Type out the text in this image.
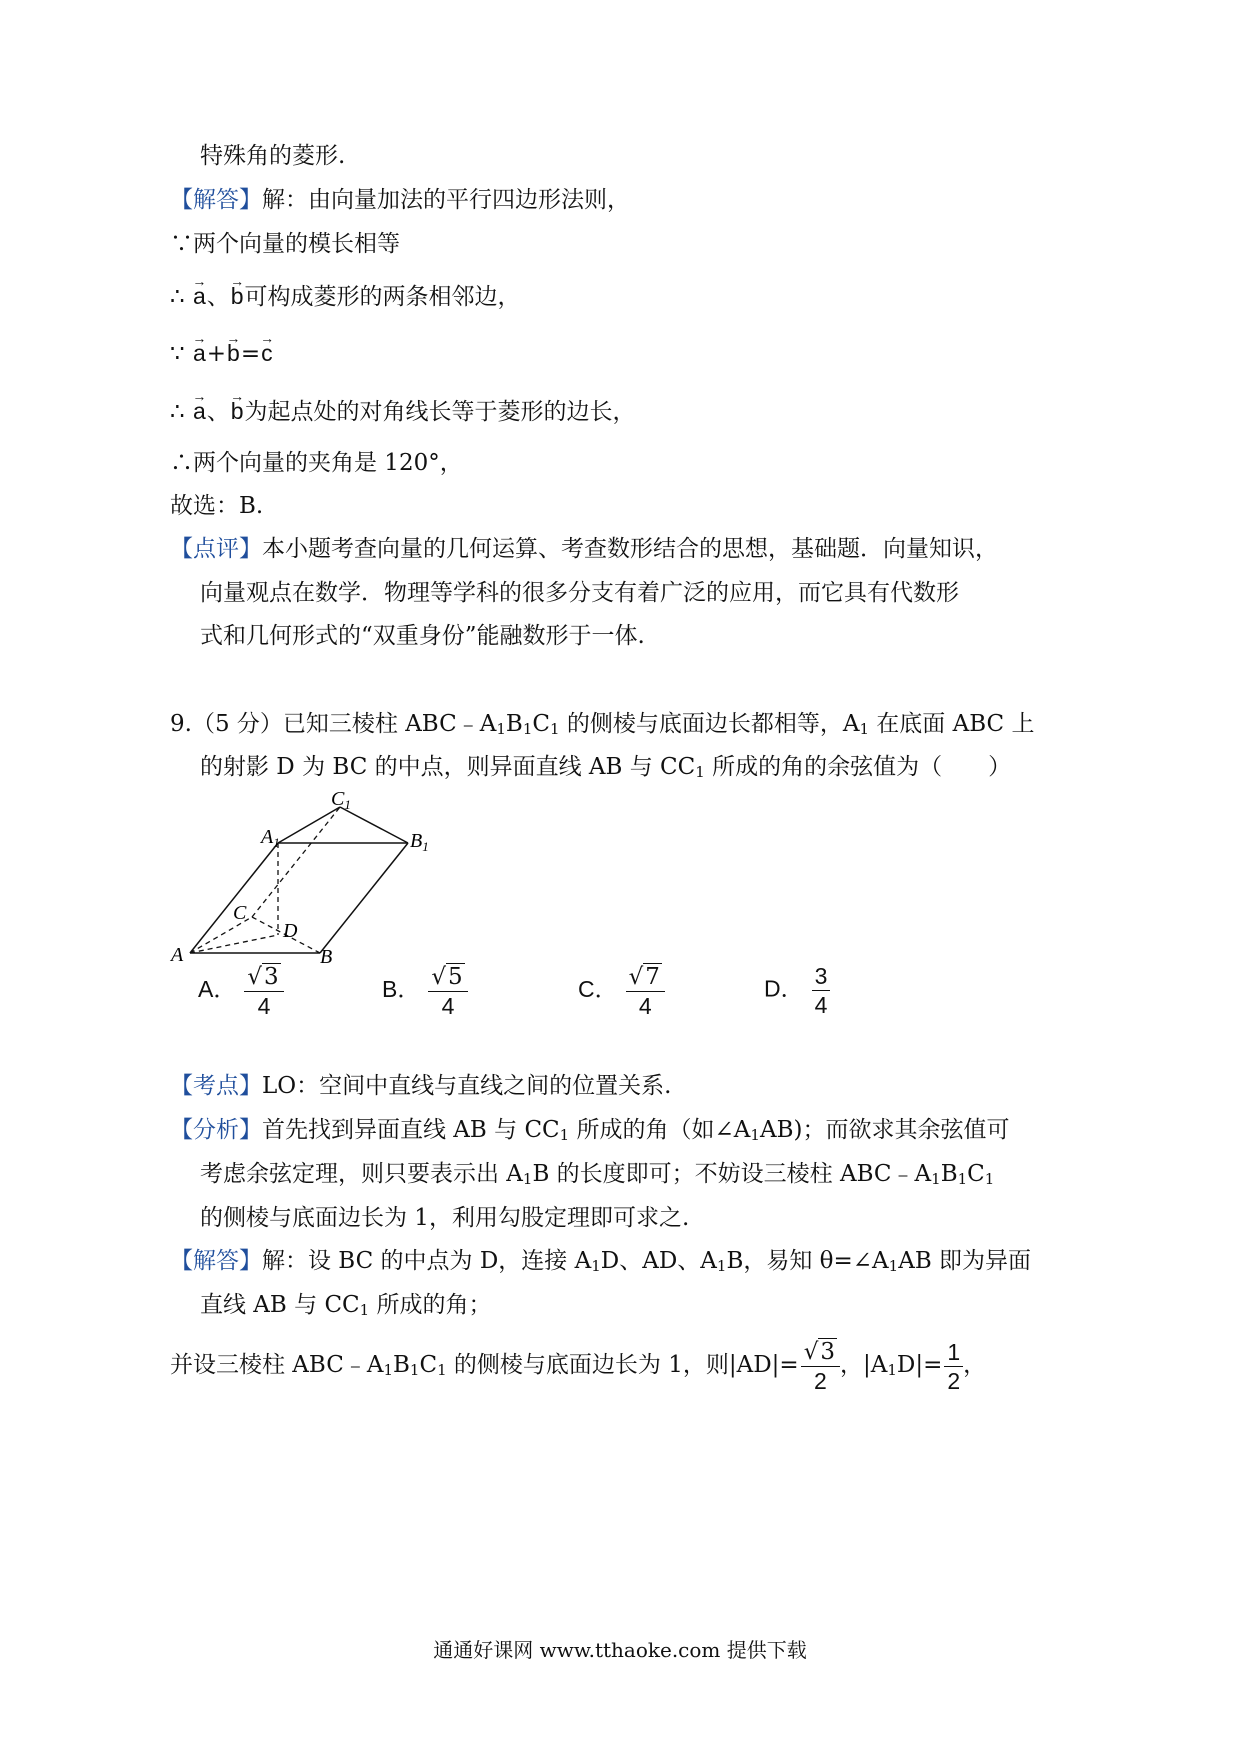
特殊角的菱形.
【解答】解：由向量加法的平行四边形法则，
∵两个向量的模长相等
∴ → a、→ b可构成菱形的两条相邻边，
∵ → a+→ b=→ c
∴ → a、→ b为起点处的对角线长等于菱形的边长，
∴两个向量的夹角是 120°，
故选：B.
【点评】本小题考查向量的几何运算、考查数形结合的思想，基础题．向量知识，
向量观点在数学．物理等学科的很多分支有着广泛的应用，而它具有代数形
式和几何形式的“双重身份”能融数形于一体.
9.（5 分）已知三棱柱 $ABC﹣A_1B_1C_1$ 的侧棱与底面边长都相等，$A_1$ 在底面 ABC 上
的射影 D 为 BC 的中点，则异面直线 AB 与 $CC_1$ 所成的角的余弦值为（　　）
A	B
C
D
$A_1$	$B_1$
$C_1$
A． $\frac{√3}{4}$	B． $\frac{√5}{4}$	C． $\frac{√7}{4}$	D． $\frac{3}{4}$
【考点】LO：空间中直线与直线之间的位置关系.
【分析】首先找到异面直线 AB 与 $CC_1$ 所成的角（如$\angle A_1AB$)；而欲求其余弦值可
考虑余弦定理，则只要表示出 $A_1B$ 的长度即可；不妨设三棱柱 $ABC﹣A_1B_1C_1$
的侧棱与底面边长为 1，利用勾股定理即可求之.
【解答】解：设 BC 的中点为 D，连接 $A_1D$、AD、$A_1B$，易知 $\theta=\angle A_1AB$ 即为异面
直线 AB 与 $CC_1$ 所成的角；
并设三棱柱 $ABC﹣A_1B_1C_1$ 的侧棱与底面边长为 1，则$|AD|= \frac{√3}{2}$ ，$|A_1D|= \frac{1}{2}$ ，
通通好课网 www.tthaoke.com 提供下载
